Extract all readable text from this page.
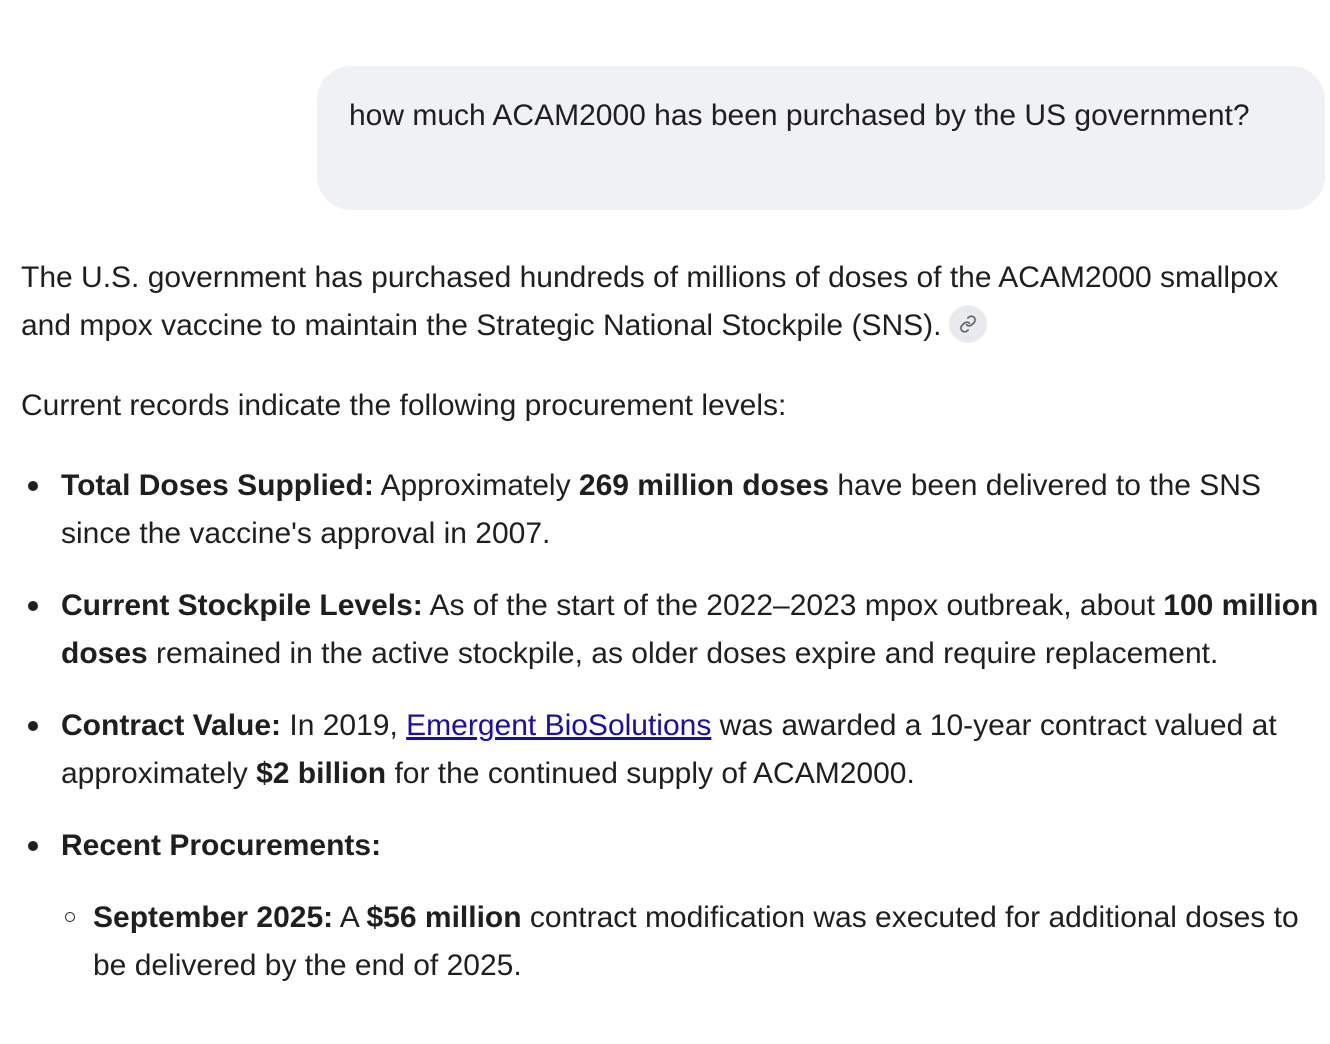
how much ACAM2000 has been purchased by the US government?

The U.S. government has purchased hundreds of millions of doses of the ACAM2000 smallpox and mpox vaccine to maintain the Strategic National Stockpile (SNS).

Current records indicate the following procurement levels:

Total Doses Supplied: Approximately 269 million doses have been delivered to the SNS since the vaccine's approval in 2007.
Current Stockpile Levels: As of the start of the 2022–2023 mpox outbreak, about 100 million doses remained in the active stockpile, as older doses expire and require replacement.
Contract Value: In 2019, Emergent BioSolutions was awarded a 10-year contract valued at approximately $2 billion for the continued supply of ACAM2000.
Recent Procurements:
September 2025: A $56 million contract modification was executed for additional doses to be delivered by the end of 2025.
